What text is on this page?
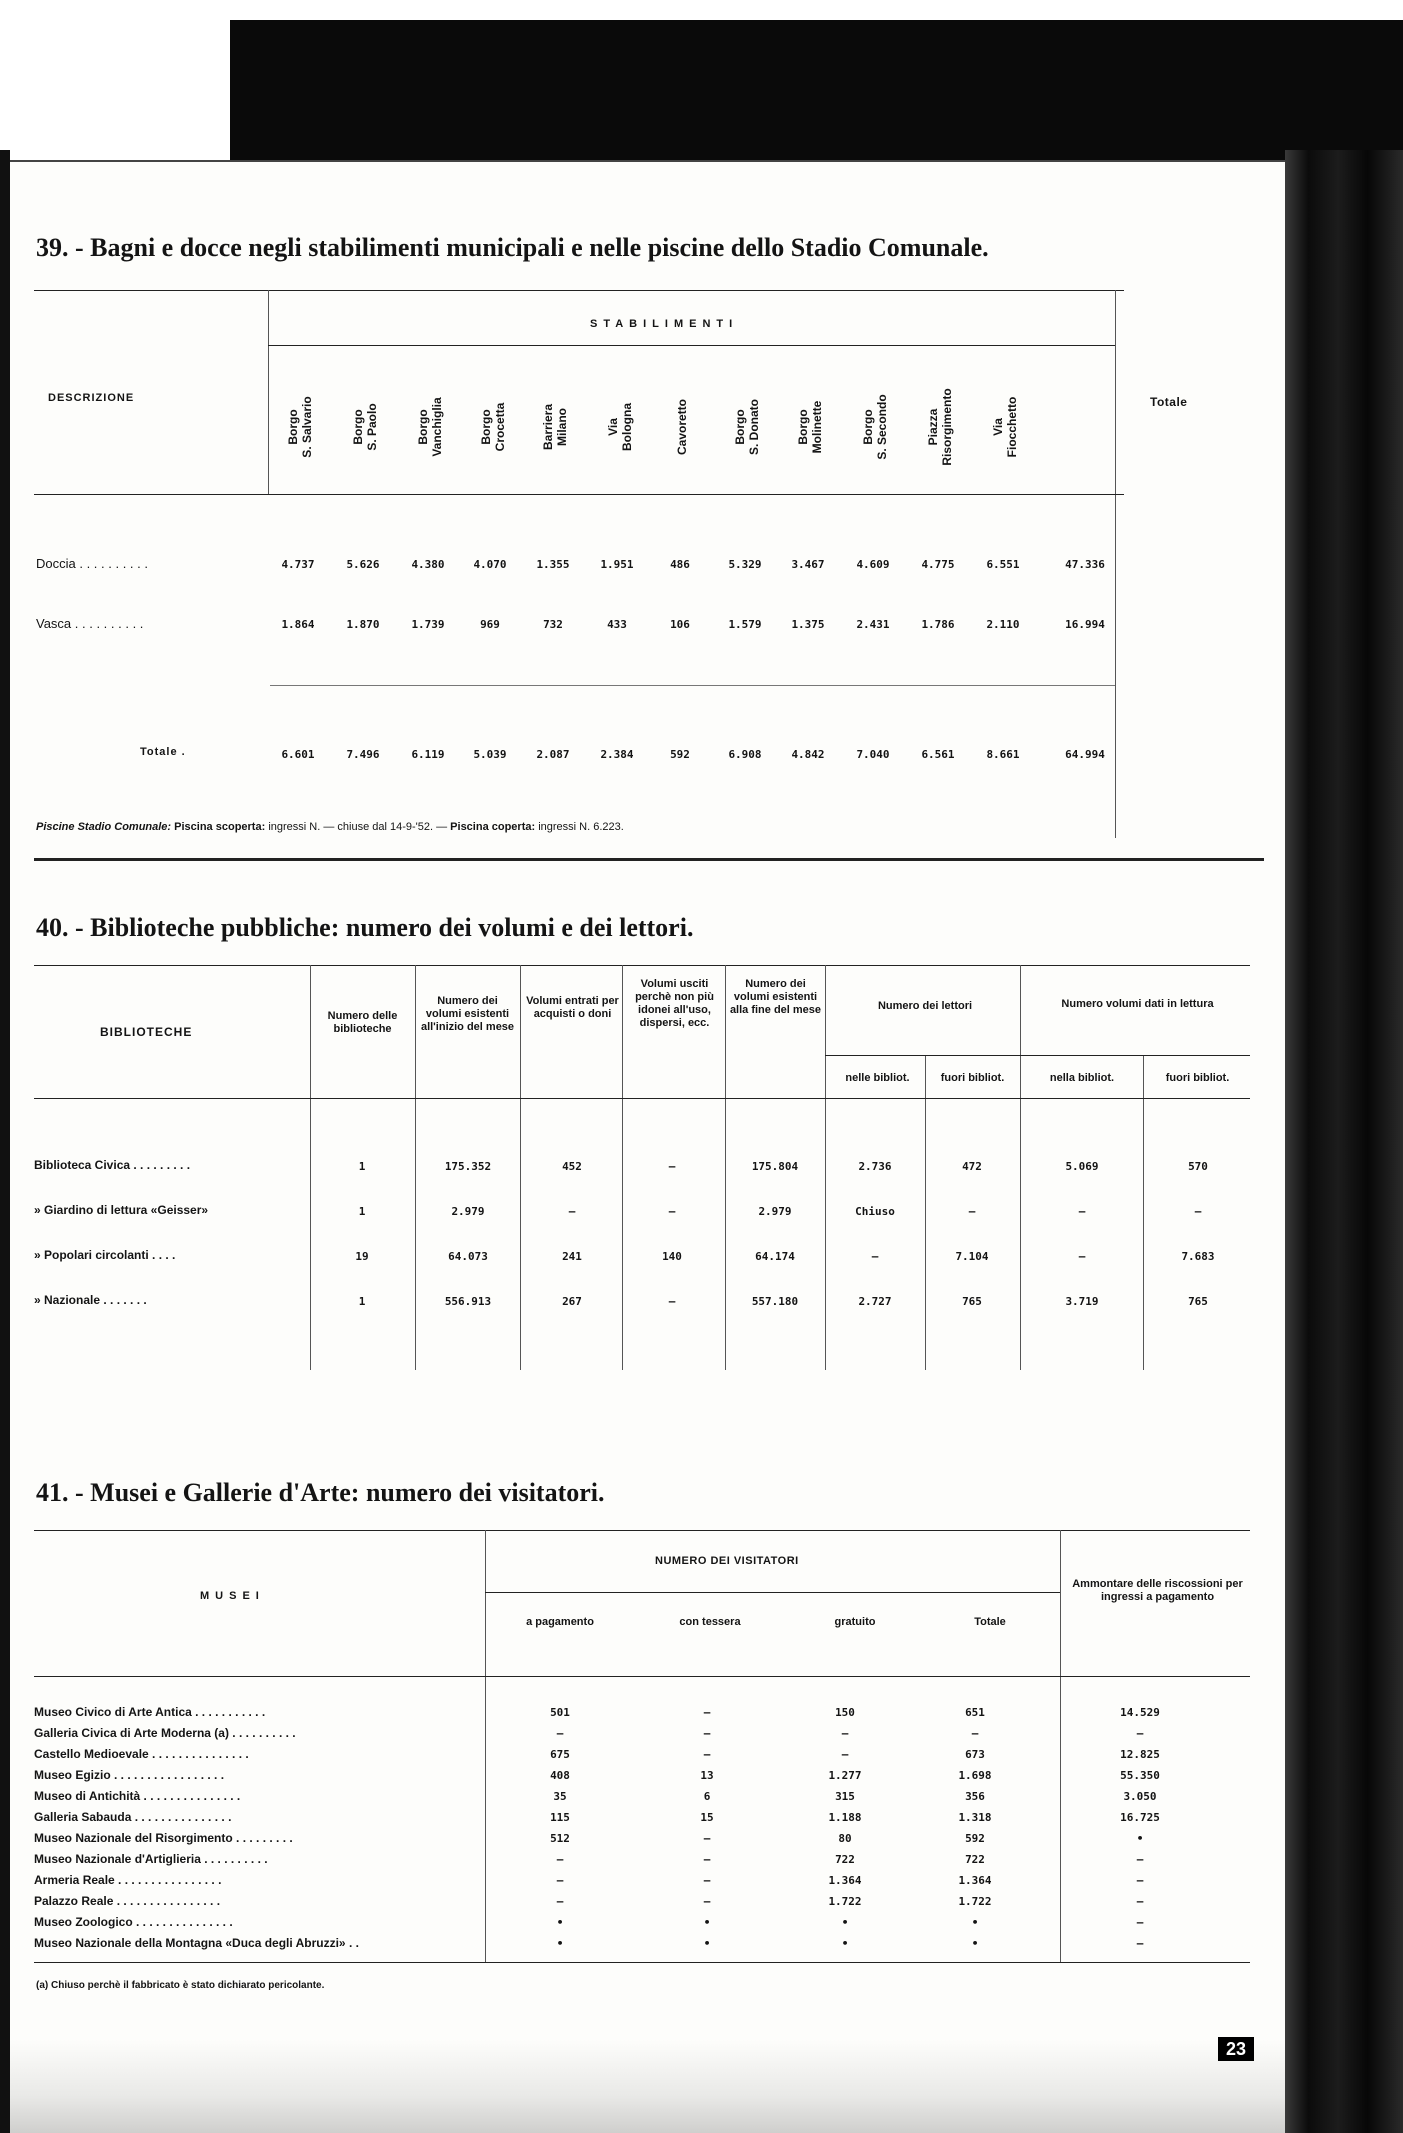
23
39. - Bagni e docce negli stabilimenti municipali e nelle piscine dello Stadio Comunale.
STABILIMENTI
DESCRIZIONE	Totale
Borgo S. Salvario	Borgo S. Paolo	Borgo Vanchiglia	Borgo Crocetta	Barriera Milano	Via Bologna	Cavoretto	Borgo S. Donato	Borgo Molinette	Borgo S. Secondo	Piazza Risorgimento	Via Fiocchetto
Doccia . . . . . . . . . .	4.737	5.626	4.380	4.070	1.355	1.951	486	5.329	3.467	4.609	4.775	6.551	47.336
Vasca . . . . . . . . . .	1.864	1.870	1.739	969	732	433	106	1.579	1.375	2.431	1.786	2.110	16.994
Totale .	6.601	7.496	6.119	5.039	2.087	2.384	592	6.908	4.842	7.040	6.561	8.661	64.994
Piscine Stadio Comunale: Piscina scoperta: ingressi N. — chiuse dal 14-9-'52. — Piscina coperta: ingressi N. 6.223.
40. - Biblioteche pubbliche: numero dei volumi e dei lettori.
BIBLIOTECHE
Numero delle biblioteche
Numero dei volumi esistenti all'inizio del mese
Volumi entrati per acquisti o doni
Volumi usciti perchè non più idonei all'uso, dispersi, ecc.
Numero dei volumi esistenti alla fine del mese	Numero dei lettori	Numero volumi dati in lettura
nelle bibliot.	fuori bibliot.	nella bibliot.	fuori bibliot.
Biblioteca Civica . . . . . . . . .	1	175.352	452	—	175.804	2.736	472	5.069	570
» Giardino di lettura «Geisser»	1	2.979	—	—	2.979	Chiuso	—	—	—
» Popolari circolanti . . . .	19	64.073	241	140	64.174	—	7.104	—	7.683
» Nazionale . . . . . . .	1	556.913	267	—	557.180	2.727	765	3.719	765
41. - Musei e Gallerie d'Arte: numero dei visitatori.
MUSEI
NUMERO DEI VISITATORI
a pagamento	con tessera	gratuito	Totale
Ammontare delle riscossioni per ingressi a pagamento
Museo Civico di Arte Antica . . . . . . . . . . .	501	—	150	651	14.529
Galleria Civica di Arte Moderna (a) . . . . . . . . . .	—	—	—	—	—
Castello Medioevale . . . . . . . . . . . . . . .	675	—	—	673	12.825
Museo Egizio . . . . . . . . . . . . . . . . .	408	13	1.277	1.698	55.350
Museo di Antichità . . . . . . . . . . . . . . .	35	6	315	356	3.050
Galleria Sabauda . . . . . . . . . . . . . . .	115	15	1.188	1.318	16.725
Museo Nazionale del Risorgimento . . . . . . . . .	512	—	80	592	•
Museo Nazionale d'Artiglieria . . . . . . . . . .	—	—	722	722	—
Armeria Reale . . . . . . . . . . . . . . . .	—	—	1.364	1.364	—
Palazzo Reale . . . . . . . . . . . . . . . .	—	—	1.722	1.722	—
Museo Zoologico . . . . . . . . . . . . . . .	•	•	•	•	—
Museo Nazionale della Montagna «Duca degli Abruzzi» . .	•	•	•	•	—
(a) Chiuso perchè il fabbricato è stato dichiarato pericolante.
